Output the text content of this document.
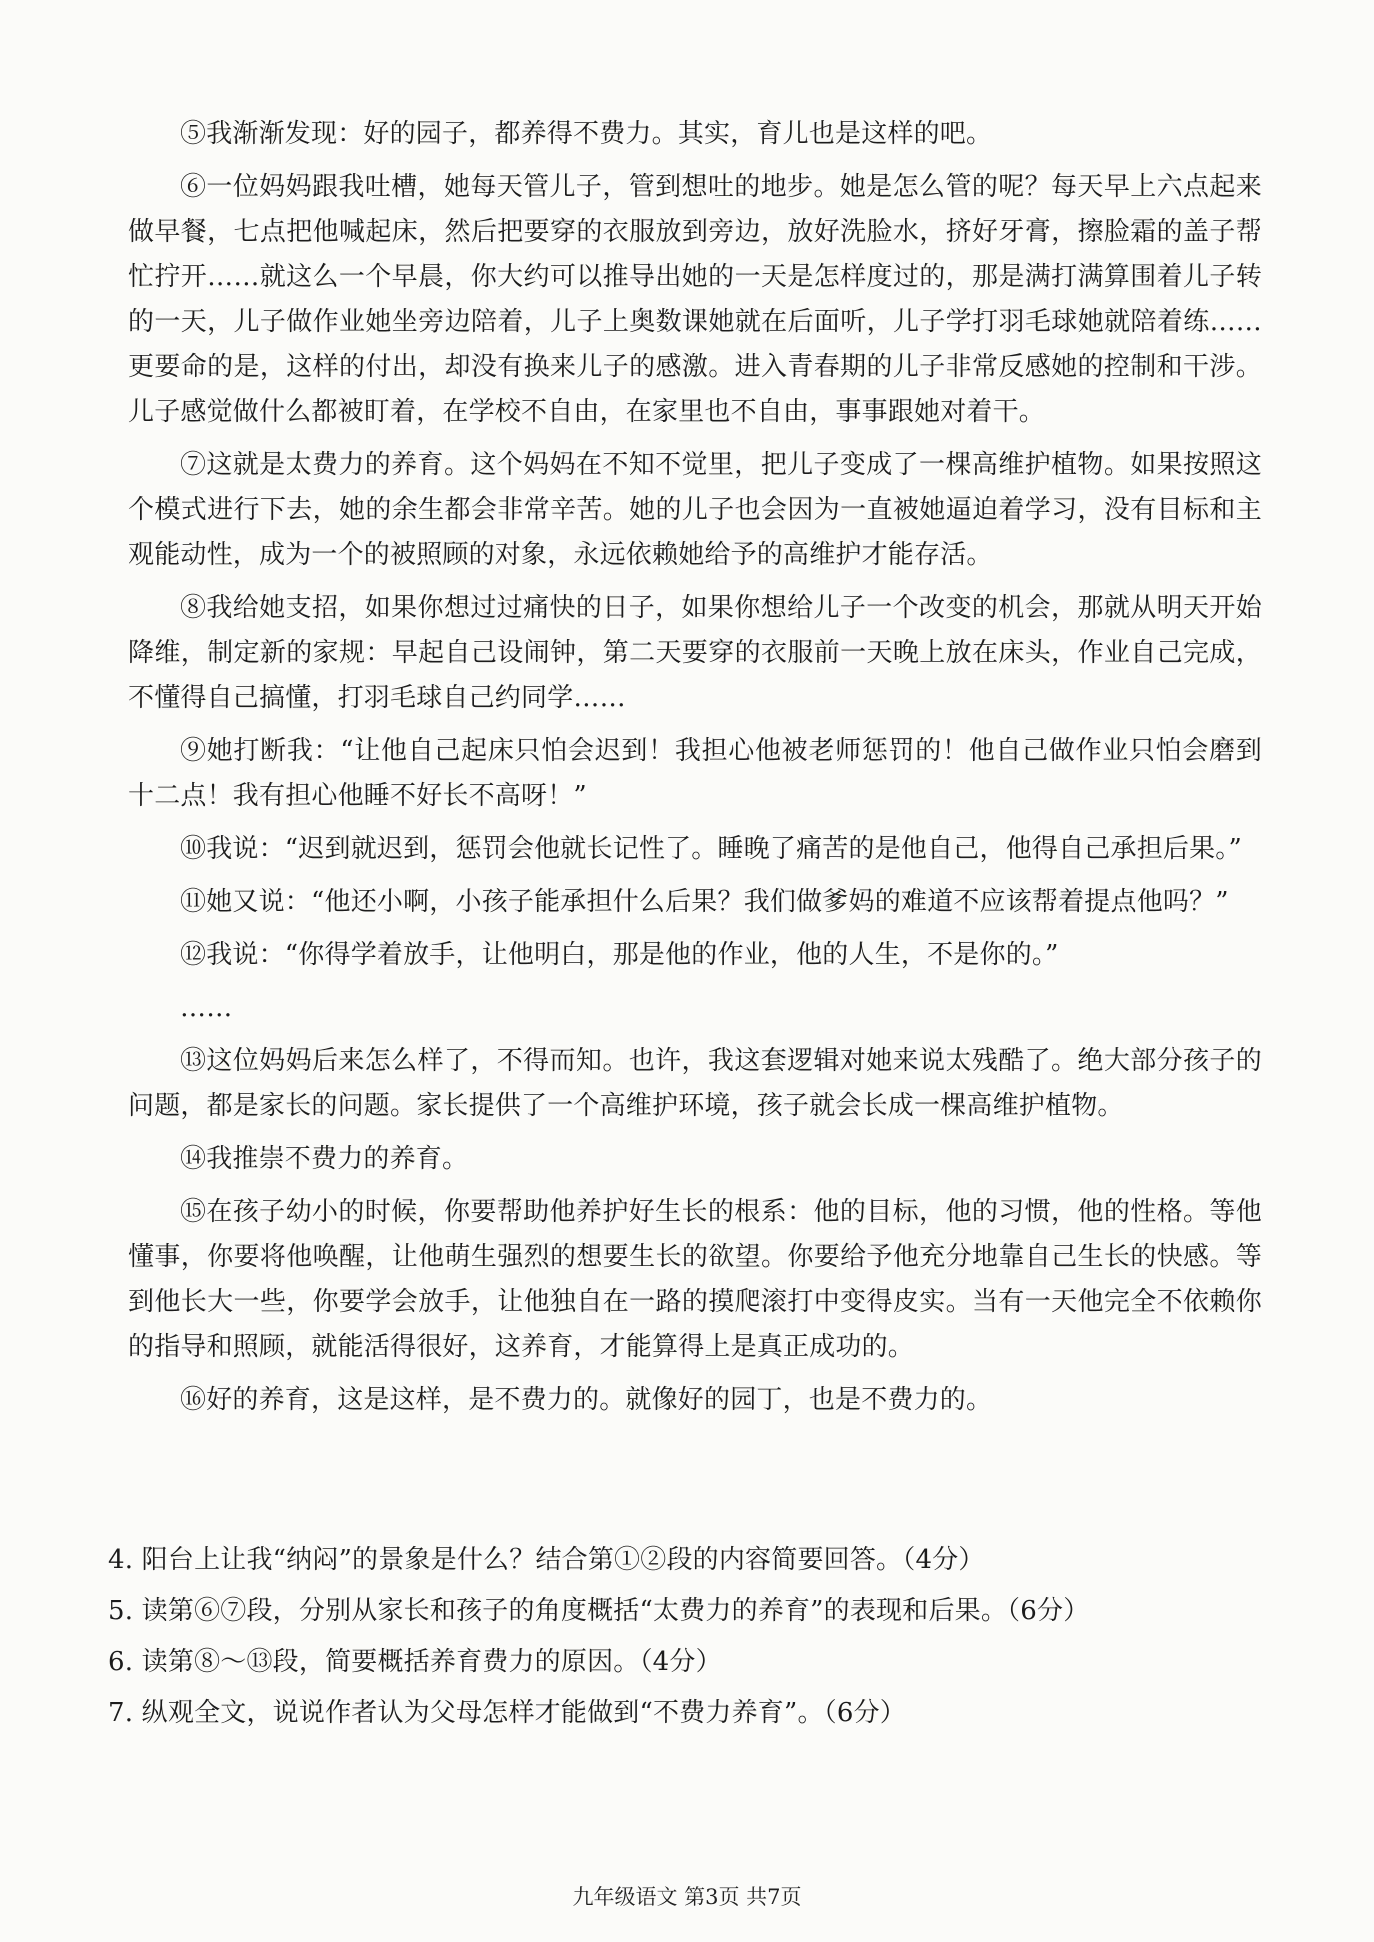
⑤我渐渐发现：好的园子，都养得不费力。其实，育儿也是这样的吧。

⑥一位妈妈跟我吐槽，她每天管儿子，管到想吐的地步。她是怎么管的呢？每天早上六点起来做早餐，七点把他喊起床，然后把要穿的衣服放到旁边，放好洗脸水，挤好牙膏，擦脸霜的盖子帮忙拧开……就这么一个早晨，你大约可以推导出她的一天是怎样度过的，那是满打满算围着儿子转的一天，儿子做作业她坐旁边陪着，儿子上奥数课她就在后面听，儿子学打羽毛球她就陪着练……更要命的是，这样的付出，却没有换来儿子的感激。进入青春期的儿子非常反感她的控制和干涉。儿子感觉做什么都被盯着，在学校不自由，在家里也不自由，事事跟她对着干。

⑦这就是太费力的养育。这个妈妈在不知不觉里，把儿子变成了一棵高维护植物。如果按照这个模式进行下去，她的余生都会非常辛苦。她的儿子也会因为一直被她逼迫着学习，没有目标和主观能动性，成为一个的被照顾的对象，永远依赖她给予的高维护才能存活。

⑧我给她支招，如果你想过过痛快的日子，如果你想给儿子一个改变的机会，那就从明天开始降维，制定新的家规：早起自己设闹钟，第二天要穿的衣服前一天晚上放在床头，作业自己完成，不懂得自己搞懂，打羽毛球自己约同学……

⑨她打断我：“让他自己起床只怕会迟到！我担心他被老师惩罚的！他自己做作业只怕会磨到十二点！我有担心他睡不好长不高呀！”

⑩我说：“迟到就迟到，惩罚会他就长记性了。睡晚了痛苦的是他自己，他得自己承担后果。”

⑪她又说：“他还小啊，小孩子能承担什么后果？我们做爹妈的难道不应该帮着提点他吗？”

⑫我说：“你得学着放手，让他明白，那是他的作业，他的人生，不是你的。”

……

⑬这位妈妈后来怎么样了，不得而知。也许，我这套逻辑对她来说太残酷了。绝大部分孩子的问题，都是家长的问题。家长提供了一个高维护环境，孩子就会长成一棵高维护植物。

⑭我推崇不费力的养育。

⑮在孩子幼小的时候，你要帮助他养护好生长的根系：他的目标，他的习惯，他的性格。等他懂事，你要将他唤醒，让他萌生强烈的想要生长的欲望。你要给予他充分地靠自己生长的快感。等到他长大一些，你要学会放手，让他独自在一路的摸爬滚打中变得皮实。当有一天他完全不依赖你的指导和照顾，就能活得很好，这养育，才能算得上是真正成功的。

⑯好的养育，这是这样，是不费力的。就像好的园丁，也是不费力的。

4. 阳台上让我“纳闷”的景象是什么？结合第①②段的内容简要回答。（4分）

5. 读第⑥⑦段，分别从家长和孩子的角度概括“太费力的养育”的表现和后果。（6分）

6. 读第⑧～⑬段，简要概括养育费力的原因。（4分）

7. 纵观全文，说说作者认为父母怎样才能做到“不费力养育”。（6分）

九年级语文 第3页 共7页
